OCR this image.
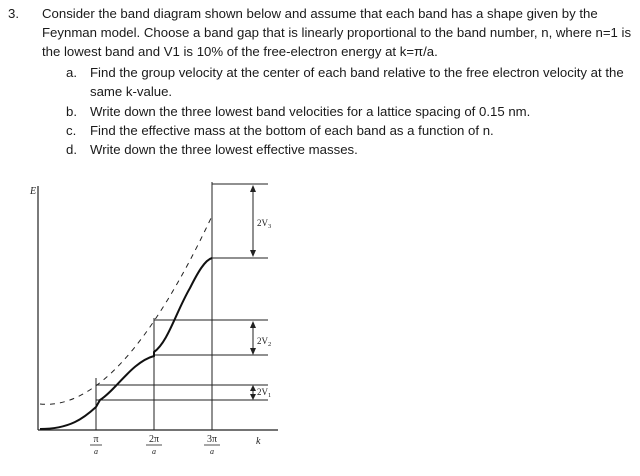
3. Consider the band diagram shown below and assume that each band has a shape given by the Feynman model. Choose a band gap that is linearly proportional to the band number, n, where n=1 is the lowest band and V1 is 10% of the free-electron energy at k=π/a.
a. Find the group velocity at the center of each band relative to the free electron velocity at the same k-value.
b. Write down the three lowest band velocities for a lattice spacing of 0.15 nm.
c. Find the effective mass at the bottom of each band as a function of n.
d. Write down the three lowest effective masses.
E
k
$2V_3$
$2V_2$
$2V_1$
π
a
2π
a
3π
a
